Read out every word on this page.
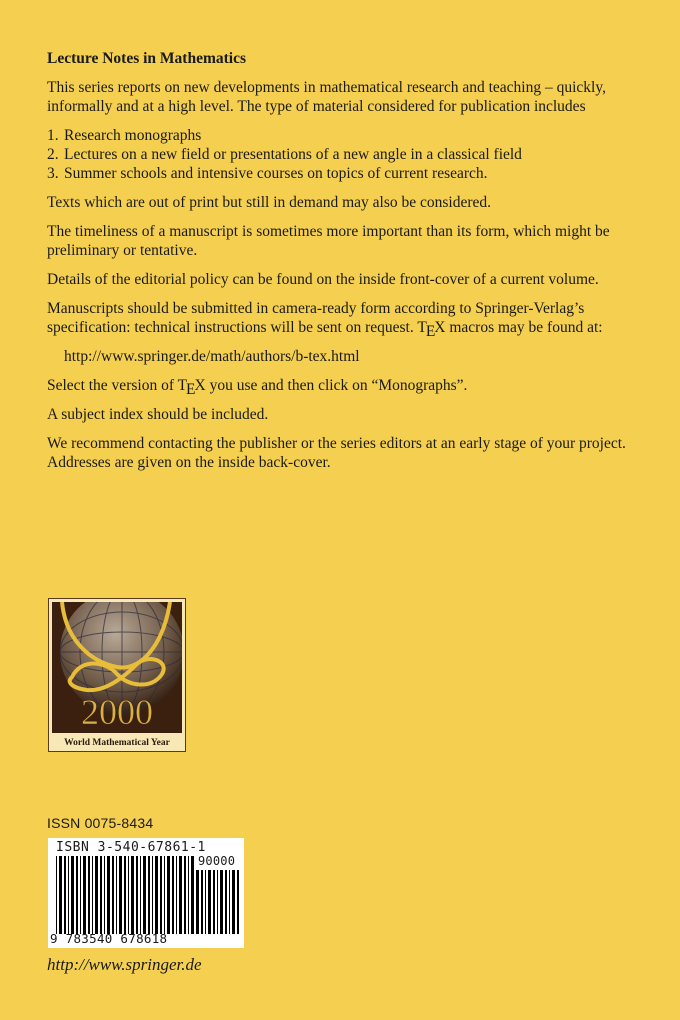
Lecture Notes in Mathematics

This series reports on new developments in mathematical research and teaching – quickly, informally and at a high level. The type of material considered for publication includes

1. Research monographs
2. Lectures on a new field or presentations of a new angle in a classical field
3. Summer schools and intensive courses on topics of current research.

Texts which are out of print but still in demand may also be considered.

The timeliness of a manuscript is sometimes more important than its form, which might be preliminary or tentative.

Details of the editorial policy can be found on the inside front-cover of a current volume.

Manuscripts should be submitted in camera-ready form according to Springer-Verlag’s specification: technical instructions will be sent on request. TEX macros may be found at:

http://www.springer.de/math/authors/b-tex.html

Select the version of TEX you use and then click on “Monographs”.

A subject index should be included.

We recommend contacting the publisher or the series editors at an early stage of your project. Addresses are given on the inside back-cover.

2000
World Mathematical Year
ISSN 0075-8434
ISBN 3-540-67861-1
90000
9 783540 678618
http://www.springer.de
